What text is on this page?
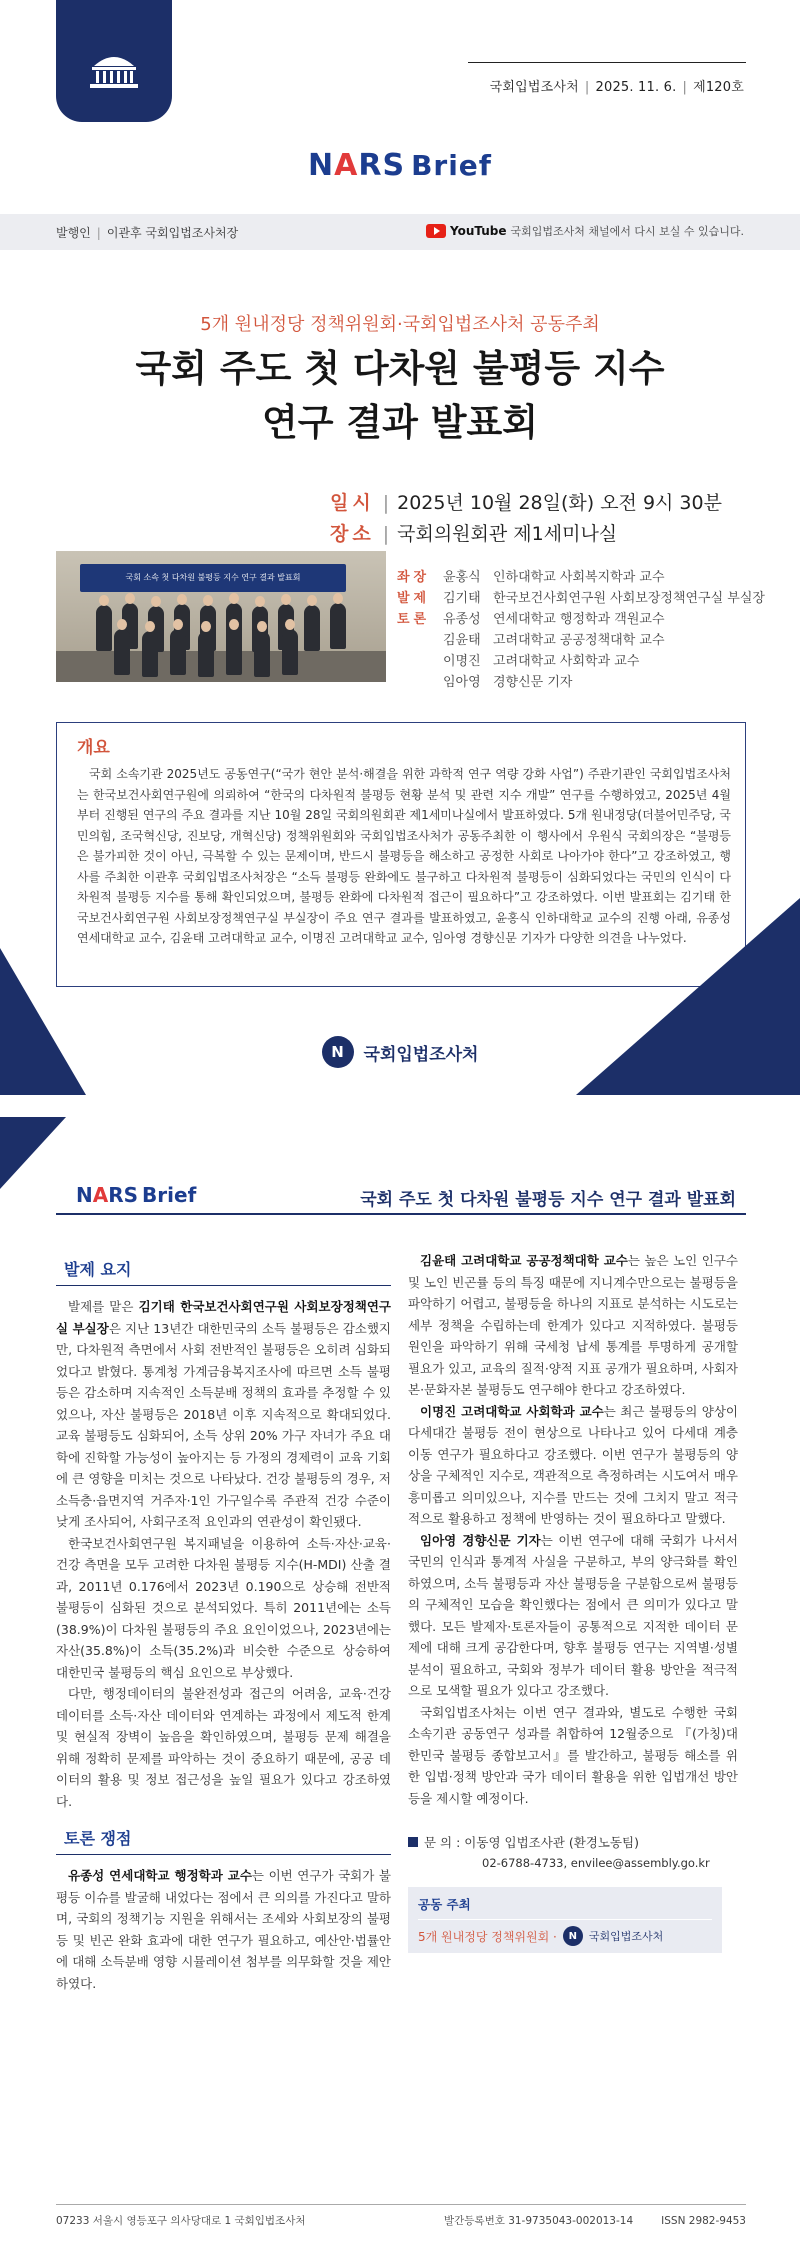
국회입법조사처 | 2025. 11. 6. | 제120호
NARS Brief
발행인 | 이관후 국회입법조사처장	YouTube 국회입법조사처 채널에서 다시 보실 수 있습니다.
5개 원내정당 정책위원회·국회입법조사처 공동주최
국회 주도 첫 다차원 불평등 지수
연구 결과 발표회
일시 | 2025년 10월 28일(화) 오전 9시 30분
장소 | 국회의원회관 제1세미나실
국회 소속 첫 다차원 불평등 지수 연구 결과 발표회	좌장 윤홍식 인하대학교 사회복지학과 교수
발제 김기태 한국보건사회연구원 사회보장정책연구실 부실장
토론 유종성 연세대학교 행정학과 객원교수
김윤태 고려대학교 공공정책대학 교수
이명진 고려대학교 사회학과 교수
임아영 경향신문 기자
개요

국회 소속기관 2025년도 공동연구(“국가 현안 분석·해결을 위한 과학적 연구 역량 강화 사업”) 주관기관인 국회입법조사처는 한국보건사회연구원에 의뢰하여 “한국의 다차원적 불평등 현황 분석 및 관련 지수 개발” 연구를 수행하였고, 2025년 4월부터 진행된 연구의 주요 결과를 지난 10월 28일 국회의원회관 제1세미나실에서 발표하였다. 5개 원내정당(더불어민주당, 국민의힘, 조국혁신당, 진보당, 개혁신당) 정책위원회와 국회입법조사처가 공동주최한 이 행사에서 우원식 국회의장은 “불평등은 불가피한 것이 아닌, 극복할 수 있는 문제이며, 반드시 불평등을 해소하고 공정한 사회로 나아가야 한다”고 강조하였고, 행사를 주최한 이관후 국회입법조사처장은 “소득 불평등 완화에도 불구하고 다차원적 불평등이 심화되었다는 국민의 인식이 다차원적 불평등 지수를 통해 확인되었으며, 불평등 완화에 다차원적 접근이 필요하다”고 강조하였다. 이번 발표회는 김기태 한국보건사회연구원 사회보장정책연구실 부실장이 주요 연구 결과를 발표하였고, 윤홍식 인하대학교 교수의 진행 아래, 유종성 연세대학교 교수, 김윤태 고려대학교 교수, 이명진 고려대학교 교수, 임아영 경향신문 기자가 다양한 의견을 나누었다.

N	국회입법조사처
NARS Brief	국회 주도 첫 다차원 불평등 지수 연구 결과 발표회
발제 요지

발제를 맡은 김기태 한국보건사회연구원 사회보장정책연구실 부실장은 지난 13년간 대한민국의 소득 불평등은 감소했지만, 다차원적 측면에서 사회 전반적인 불평등은 오히려 심화되었다고 밝혔다. 통계청 가계금융복지조사에 따르면 소득 불평등은 감소하며 지속적인 소득분배 정책의 효과를 추정할 수 있었으나, 자산 불평등은 2018년 이후 지속적으로 확대되었다. 교육 불평등도 심화되어, 소득 상위 20% 가구 자녀가 주요 대학에 진학할 가능성이 높아지는 등 가정의 경제력이 교육 기회에 큰 영향을 미치는 것으로 나타났다. 건강 불평등의 경우, 저소득층·읍면지역 거주자·1인 가구일수록 주관적 건강 수준이 낮게 조사되어, 사회구조적 요인과의 연관성이 확인됐다.

한국보건사회연구원 복지패널을 이용하여 소득·자산·교육·건강 측면을 모두 고려한 다차원 불평등 지수(H-MDI) 산출 결과, 2011년 0.176에서 2023년 0.190으로 상승해 전반적 불평등이 심화된 것으로 분석되었다. 특히 2011년에는 소득(38.9%)이 다차원 불평등의 주요 요인이었으나, 2023년에는 자산(35.8%)이 소득(35.2%)과 비슷한 수준으로 상승하여 대한민국 불평등의 핵심 요인으로 부상했다.

다만, 행정데이터의 불완전성과 접근의 어려움, 교육·건강 데이터를 소득·자산 데이터와 연계하는 과정에서 제도적 한계 및 현실적 장벽이 높음을 확인하였으며, 불평등 문제 해결을 위해 정확히 문제를 파악하는 것이 중요하기 때문에, 공공 데이터의 활용 및 정보 접근성을 높일 필요가 있다고 강조하였다.

토론 쟁점

유종성 연세대학교 행정학과 교수는 이번 연구가 국회가 불평등 이슈를 발굴해 내었다는 점에서 큰 의의를 가진다고 말하며, 국회의 정책기능 지원을 위해서는 조세와 사회보장의 불평등 및 빈곤 완화 효과에 대한 연구가 필요하고, 예산안·법률안에 대해 소득분배 영향 시뮬레이션 첨부를 의무화할 것을 제안하였다.

김윤태 고려대학교 공공정책대학 교수는 높은 노인 인구수 및 노인 빈곤률 등의 특징 때문에 지니계수만으로는 불평등을 파악하기 어렵고, 불평등을 하나의 지표로 분석하는 시도로는 세부 정책을 수립하는데 한계가 있다고 지적하였다. 불평등 원인을 파악하기 위해 국세청 납세 통계를 투명하게 공개할 필요가 있고, 교육의 질적·양적 지표 공개가 필요하며, 사회자본·문화자본 불평등도 연구해야 한다고 강조하였다.

이명진 고려대학교 사회학과 교수는 최근 불평등의 양상이 다세대간 불평등 전이 현상으로 나타나고 있어 다세대 계층 이동 연구가 필요하다고 강조했다. 이번 연구가 불평등의 양상을 구체적인 지수로, 객관적으로 측정하려는 시도여서 매우 흥미롭고 의미있으나, 지수를 만드는 것에 그치지 말고 적극적으로 활용하고 정책에 반영하는 것이 필요하다고 말했다.

임아영 경향신문 기자는 이번 연구에 대해 국회가 나서서 국민의 인식과 통계적 사실을 구분하고, 부의 양극화를 확인하였으며, 소득 불평등과 자산 불평등을 구분함으로써 불평등의 구체적인 모습을 확인했다는 점에서 큰 의미가 있다고 말했다. 모든 발제자·토론자들이 공통적으로 지적한 데이터 문제에 대해 크게 공감한다며, 향후 불평등 연구는 지역별·성별 분석이 필요하고, 국회와 정부가 데이터 활용 방안을 적극적으로 모색할 필요가 있다고 강조했다.

국회입법조사처는 이번 연구 결과와, 별도로 수행한 국회 소속기관 공동연구 성과를 취합하여 12월중으로 『(가칭)대한민국 불평등 종합보고서』를 발간하고, 불평등 해소를 위한 입법·정책 방안과 국가 데이터 활용을 위한 입법개선 방안 등을 제시할 예정이다.

문 의 : 이동영 입법조사관 (환경노동팀)
02-6788-4733, envilee@assembly.go.kr
공동 주최
5개 원내정당 정책위원회 ·	N	국회입법조사처
07233 서울시 영등포구 의사당대로 1 국회입법조사처	발간등록번호 31-9735043-002013-14	ISSN 2982-9453
